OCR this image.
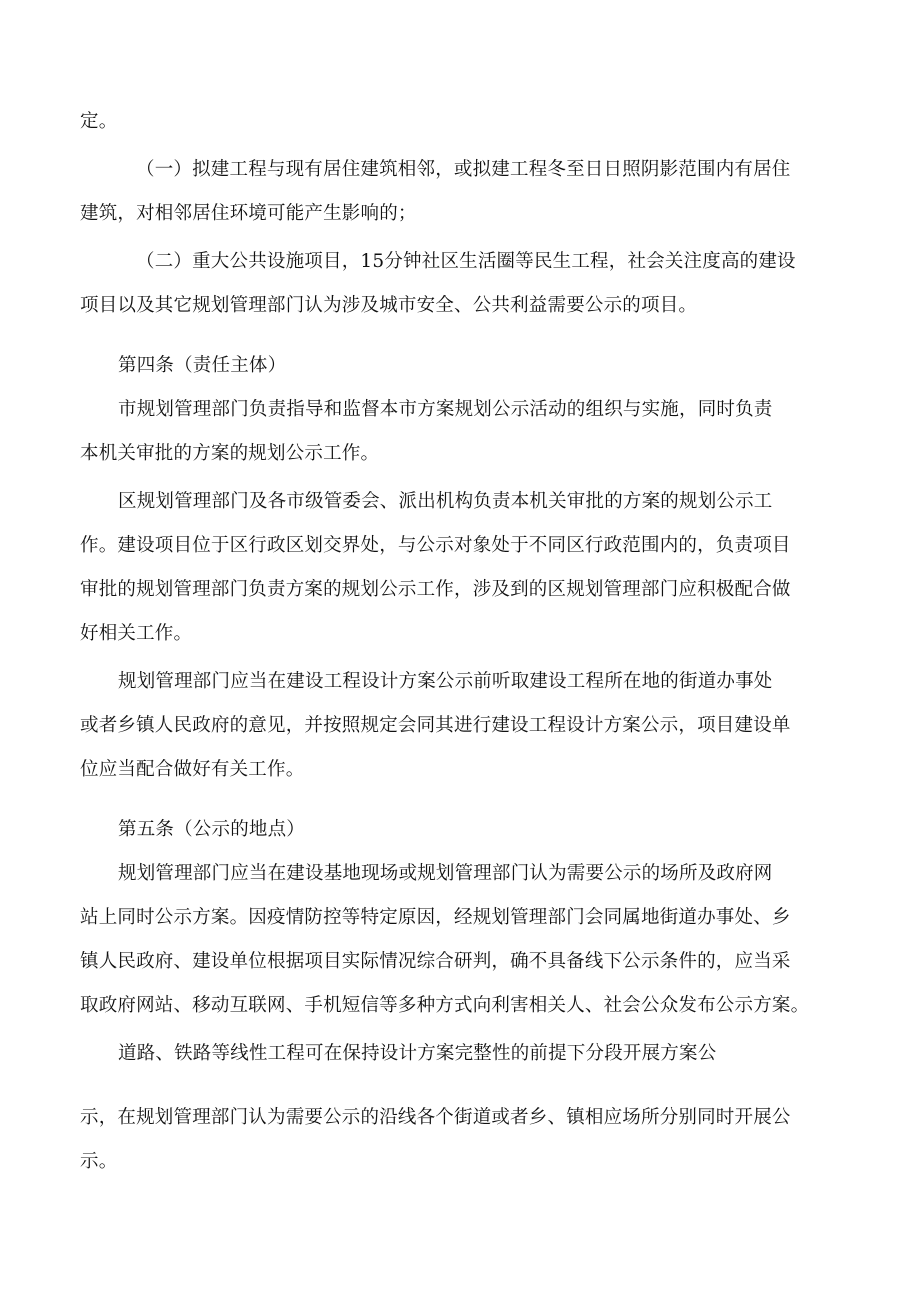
定。
（一）拟建工程与现有居住建筑相邻，或拟建工程冬至日日照阴影范围内有居住
建筑，对相邻居住环境可能产生影响的；
（二）重大公共设施项目，15分钟社区生活圈等民生工程，社会关注度高的建设
项目以及其它规划管理部门认为涉及城市安全、公共利益需要公示的项目。
第四条（责任主体）
市规划管理部门负责指导和监督本市方案规划公示活动的组织与实施，同时负责
本机关审批的方案的规划公示工作。
区规划管理部门及各市级管委会、派出机构负责本机关审批的方案的规划公示工
作。建设项目位于区行政区划交界处，与公示对象处于不同区行政范围内的，负责项目
审批的规划管理部门负责方案的规划公示工作，涉及到的区规划管理部门应积极配合做
好相关工作。
规划管理部门应当在建设工程设计方案公示前听取建设工程所在地的街道办事处
或者乡镇人民政府的意见，并按照规定会同其进行建设工程设计方案公示，项目建设单
位应当配合做好有关工作。
第五条（公示的地点）
规划管理部门应当在建设基地现场或规划管理部门认为需要公示的场所及政府网
站上同时公示方案。因疫情防控等特定原因，经规划管理部门会同属地街道办事处、乡
镇人民政府、建设单位根据项目实际情况综合研判，确不具备线下公示条件的，应当采
取政府网站、移动互联网、手机短信等多种方式向利害相关人、社会公众发布公示方案。
道路、铁路等线性工程可在保持设计方案完整性的前提下分段开展方案公
示，在规划管理部门认为需要公示的沿线各个街道或者乡、镇相应场所分别同时开展公
示。
